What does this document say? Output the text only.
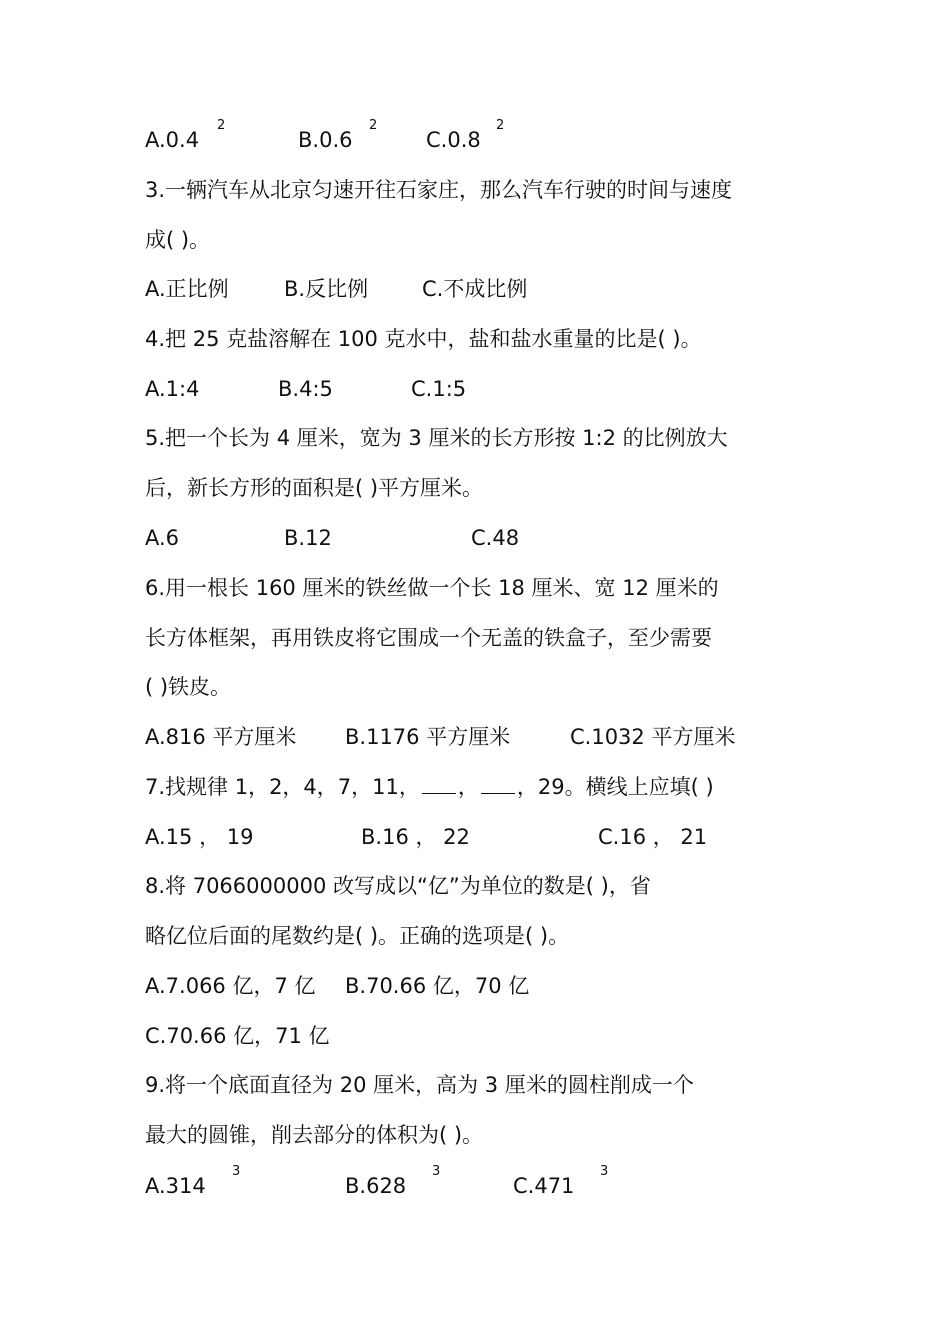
A.0.4
2
B.0.6
2
C.0.8
2
3.一辆汽车从北京匀速开往石家庄，那么汽车行驶的时间与速度
成( )。
A.正比例	B.反比例	C.不成比例
4.把 25 克盐溶解在 100 克水中，盐和盐水重量的比是( )。
A.1:4	B.4:5	C.1:5
5.把一个长为 4 厘米，宽为 3 厘米的长方形按 1:2 的比例放大
后，新长方形的面积是( )平方厘米。
A.6	B.12	C.48
6.用一根长 160 厘米的铁丝做一个长 18 厘米、宽 12 厘米的
长方体框架，再用铁皮将它围成一个无盖的铁盒子，至少需要
( )铁皮。
A.816 平方厘米 B.1176 平方厘米	C.1032 平方厘米
7.找规律 1，2，4，7，11， ， ，29。横线上应填( )
A.15 ， 19	B.16 ， 22	C.16 ， 21
8.将 7066000000 改写成以“亿”为单位的数是( )，省
略亿位后面的尾数约是( )。正确的选项是( )。
A.7.066 亿，7 亿 B.70.66 亿，70 亿
C.70.66 亿，71 亿
9.将一个底面直径为 20 厘米，高为 3 厘米的圆柱削成一个
最大的圆锥，削去部分的体积为( )。
A.314
3
B.628
3
C.471
3
